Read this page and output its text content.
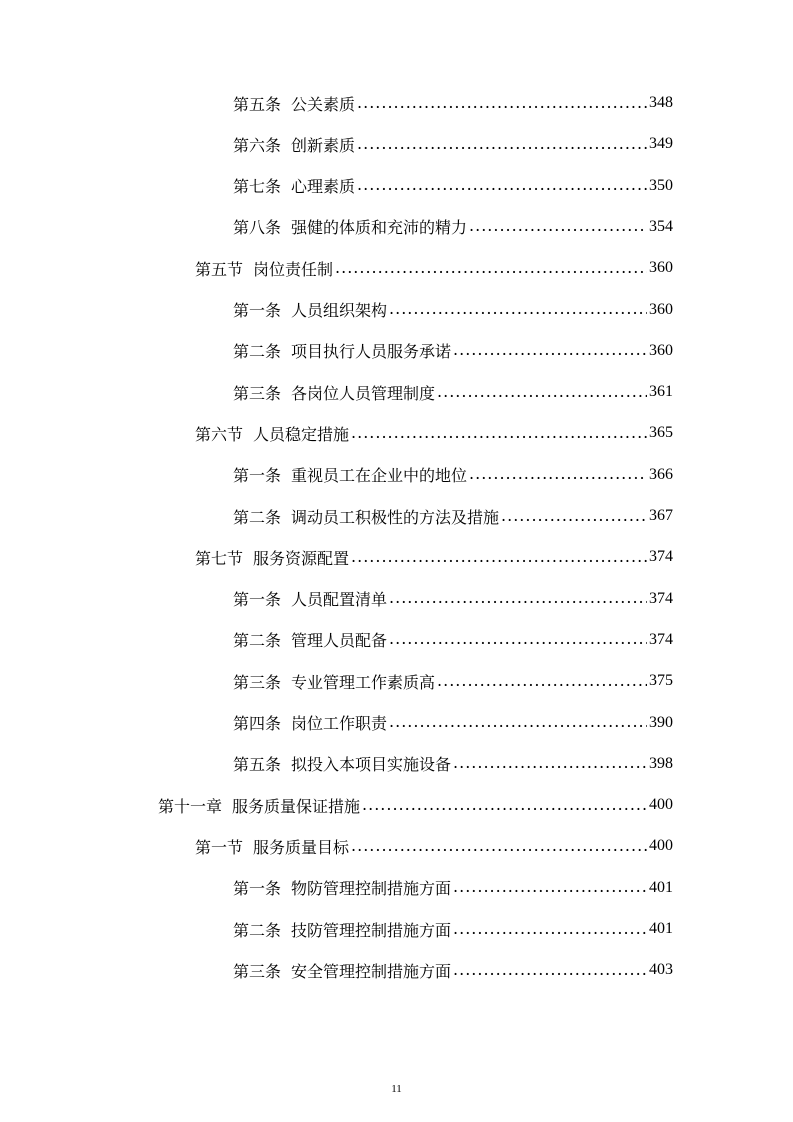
第五条 公关素质 .....	348
第六条 创新素质 .....	349
第七条 心理素质 .....	350
第八条 强健的体质和充沛的精力 .....	354
第五节 岗位责任制 .....	360
第一条 人员组织架构 .....	360
第二条 项目执行人员服务承诺 .....	360
第三条 各岗位人员管理制度 .....	361
第六节 人员稳定措施 .....	365
第一条 重视员工在企业中的地位 .....	366
第二条 调动员工积极性的方法及措施 .....	367
第七节 服务资源配置 .....	374
第一条 人员配置清单 .....	374
第二条 管理人员配备 .....	374
第三条 专业管理工作素质高 .....	375
第四条 岗位工作职责 .....	390
第五条 拟投入本项目实施设备 .....	398
第十一章 服务质量保证措施 .....	400
第一节 服务质量目标 .....	400
第一条 物防管理控制措施方面 .....	401
第二条 技防管理控制措施方面 .....	401
第三条 安全管理控制措施方面 .....	403
11
